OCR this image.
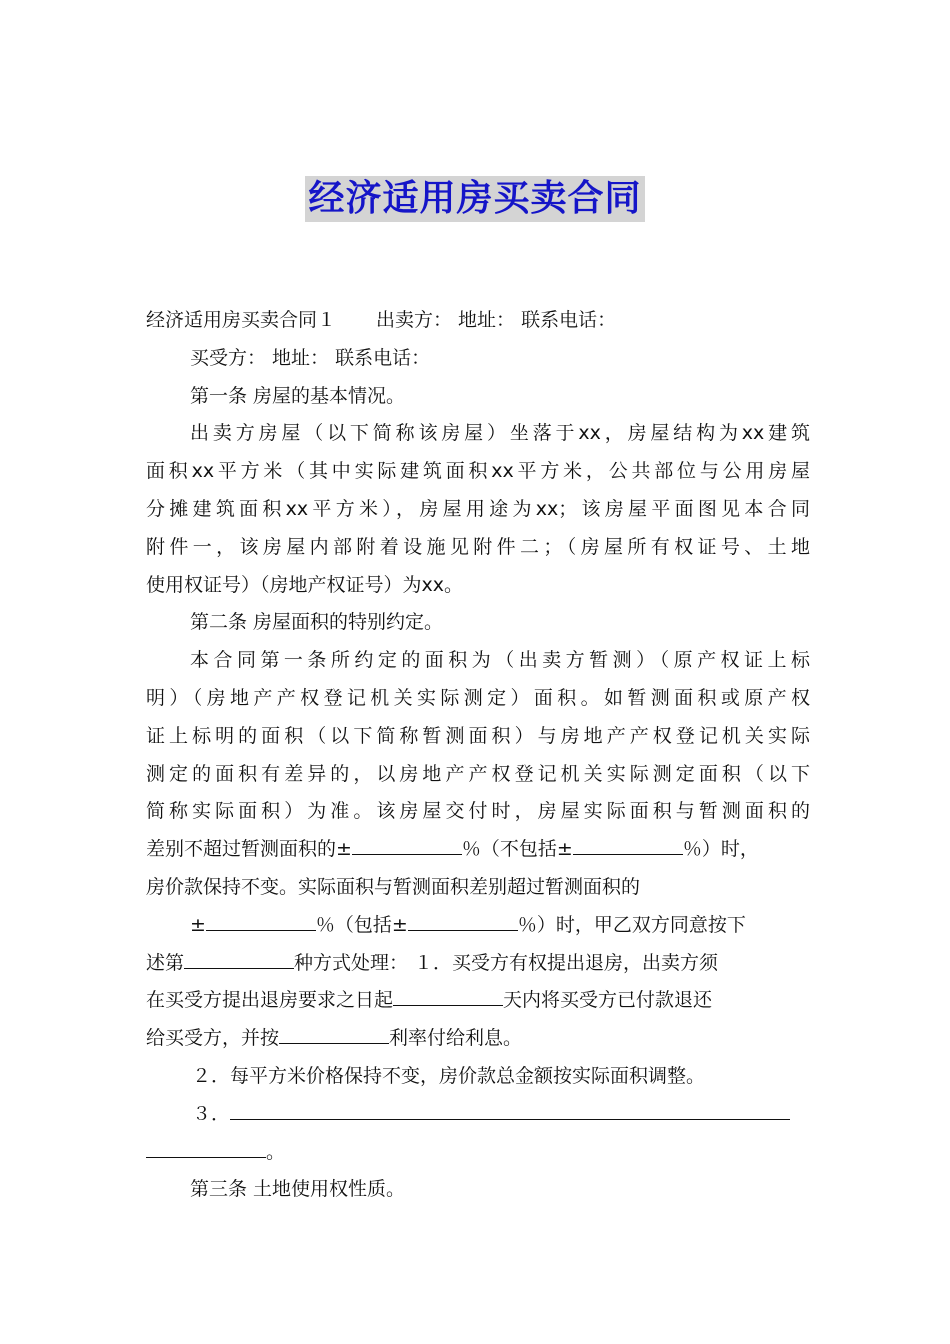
经济适用房买卖合同
经济适用房买卖合同１ 出卖方： 地址： 联系电话：
买受方： 地址： 联系电话：
第一条 房屋的基本情况。
出卖方房屋（以下简称该房屋）坐落于xx，房屋结构为xx建筑
面积xx平方米（其中实际建筑面积xx平方米，公共部位与公用房屋
分摊建筑面积xx平方米），房屋用途为xx；该房屋平面图见本合同
附件一，该房屋内部附着设施见附件二；（房屋所有权证号、土地
使用权证号）（房地产权证号）为xx。
第二条 房屋面积的特别约定。
本合同第一条所约定的面积为（出卖方暂测）（原产权证上标
明）（房地产产权登记机关实际测定）面积。如暂测面积或原产权
证上标明的面积（以下简称暂测面积）与房地产产权登记机关实际
测定的面积有差异的，以房地产产权登记机关实际测定面积（以下
简称实际面积）为准。该房屋交付时，房屋实际面积与暂测面积的
差别不超过暂测面积的±	％（不包括±	％）时，
房价款保持不变。实际面积与暂测面积差别超过暂测面积的
±	％（包括±	％）时，甲乙双方同意按下
述第	种方式处理： １．买受方有权提出退房，出卖方须
在买受方提出退房要求之日起	天内将买受方已付款退还
给买受方，并按	利率付给利息。
２．每平方米价格保持不变，房价款总金额按实际面积调整。
３．
。
第三条 土地使用权性质。
